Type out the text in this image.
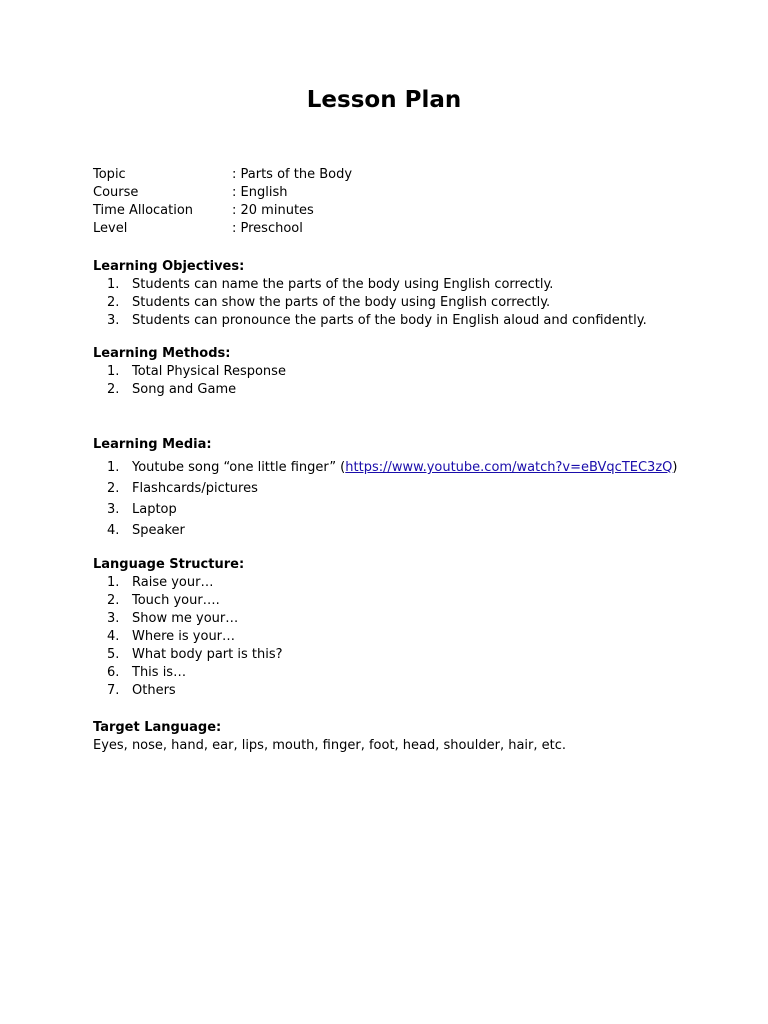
Lesson Plan
Topic	: Parts of the Body
Course	: English
Time Allocation	: 20 minutes
Level	: Preschool
Learning Objectives:
1. Students can name the parts of the body using English correctly.
2. Students can show the parts of the body using English correctly.
3. Students can pronounce the parts of the body in English aloud and confidently.
Learning Methods:
1. Total Physical Response
2. Song and Game
Learning Media:
1. Youtube song “one little finger” (https://www.youtube.com/watch?v=eBVqcTEC3zQ)
2. Flashcards/pictures
3. Laptop
4. Speaker
Language Structure:
1. Raise your…
2. Touch your….
3. Show me your…
4. Where is your…
5. What body part is this?
6. This is…
7. Others
Target Language:
Eyes, nose, hand, ear, lips, mouth, finger, foot, head, shoulder, hair, etc.
